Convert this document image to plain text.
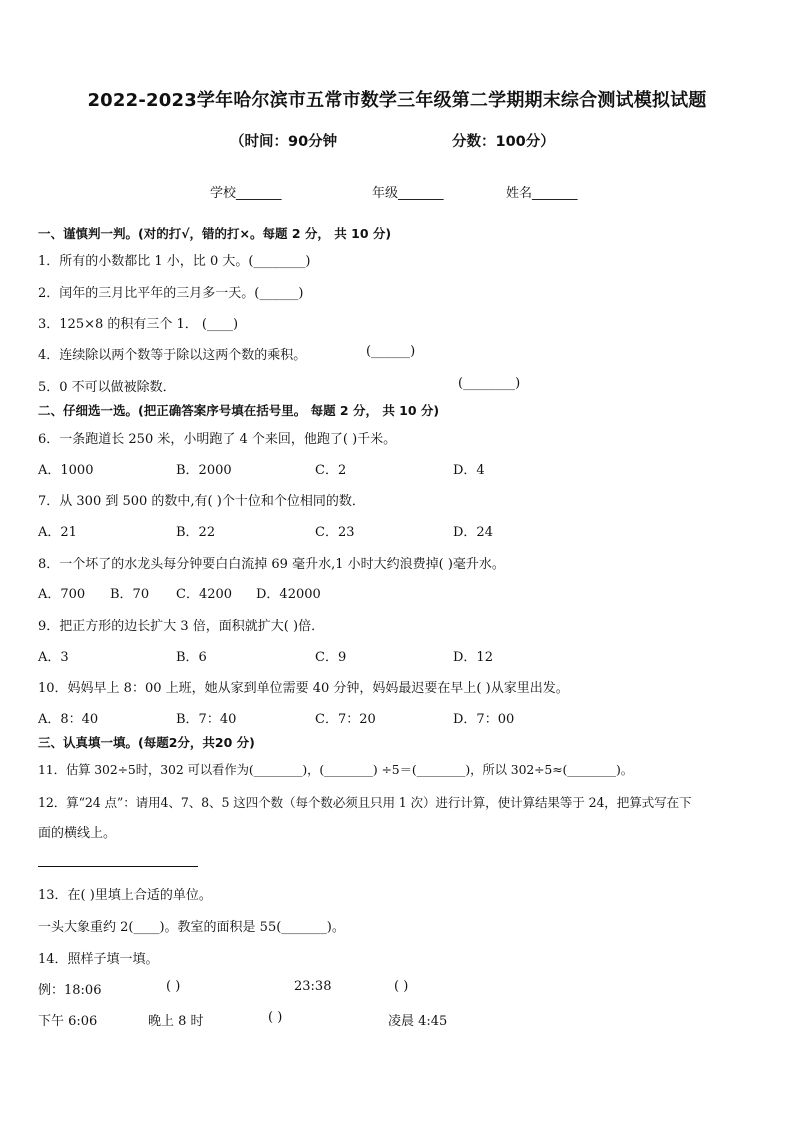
2022-2023学年哈尔滨市五常市数学三年级第二学期期末综合测试模拟试题
（时间：90分钟	分数：100分）
学校_______	年级_______	姓名_______
一、谨慎判一判。(对的打√，错的打×。每题 2 分， 共 10 分)
1．所有的小数都比 1 小，比 0 大。(________)
2．闰年的三月比平年的三月多一天。(______)
3．125×8 的积有三个 1． (____)
4．连续除以两个数等于除以这两个数的乘积。	(______)
5．0 不可以做被除数．	(________)
二、仔细选一选。(把正确答案序号填在括号里。 每题 2 分， 共 10 分)
6．一条跑道长 250 米，小明跑了 4 个来回，他跑了( )千米。
A．1000	B．2000	C．2	D．4
7．从 300 到 500 的数中,有( )个十位和个位相同的数．
A．21	B．22	C．23	D．24
8．一个坏了的水龙头每分钟要白白流掉 69 毫升水,1 小时大约浪费掉( )毫升水。
A．700 B．70 C．4200 D．42000
9．把正方形的边长扩大 3 倍，面积就扩大( )倍．
A．3	B．6	C．9	D．12
10．妈妈早上 8：00 上班，她从家到单位需要 40 分钟，妈妈最迟要在早上( )从家里出发。
A．8：40	B．7：40	C．7：20	D．7：00
三、认真填一填。(每题2分，共20 分)
11．估算 302÷5时，302 可以看作为(________)，(________) ÷5＝(________)，所以 302÷5≈(________)。
12．算“24 点”：请用4、7、8、5 这四个数（每个数必须且只用 1 次）进行计算，使计算结果等于 24，把算式写在下
面的横线上。
13．在( )里填上合适的单位。
一头大象重约 2(____)。教室的面积是 55(_______)。
14．照样子填一填。
例：18:06	( )	23:38	( )
下午 6:06	晚上 8 时	( )	凌晨 4:45
